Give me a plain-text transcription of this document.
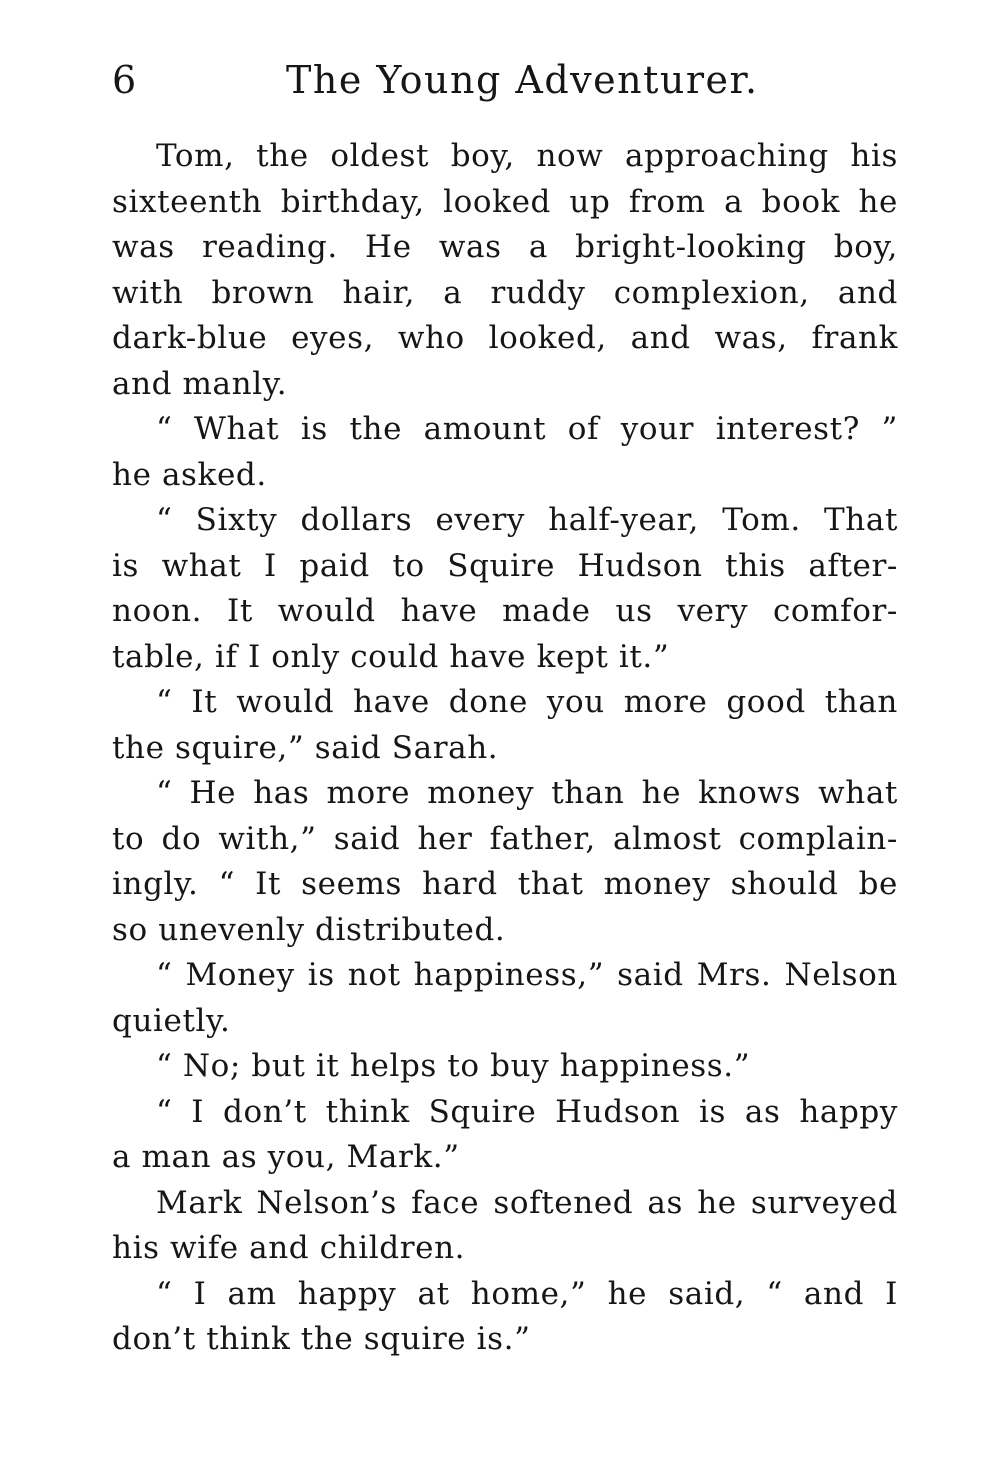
6	The Young Adventurer.
Tom, the oldest boy, now approaching his
sixteenth birthday, looked up from a book he
was reading. He was a bright-looking boy,
with brown hair, a ruddy complexion, and
dark-blue eyes, who looked, and was, frank
and manly.
“ What is the amount of your interest? ”
he asked.
“ Sixty dollars every half-year, Tom. That
is what I paid to Squire Hudson this after-
noon. It would have made us very comfor-
table, if I only could have kept it.”
“ It would have done you more good than
the squire,” said Sarah.
“ He has more money than he knows what
to do with,” said her father, almost complain-
ingly. “ It seems hard that money should be
so unevenly distributed.
“ Money is not happiness,” said Mrs. Nelson
quietly.
“ No; but it helps to buy happiness.”
“ I don’t think Squire Hudson is as happy
a man as you, Mark.”
Mark Nelson’s face softened as he surveyed
his wife and children.
“ I am happy at home,” he said, “ and I
don’t think the squire is.”
